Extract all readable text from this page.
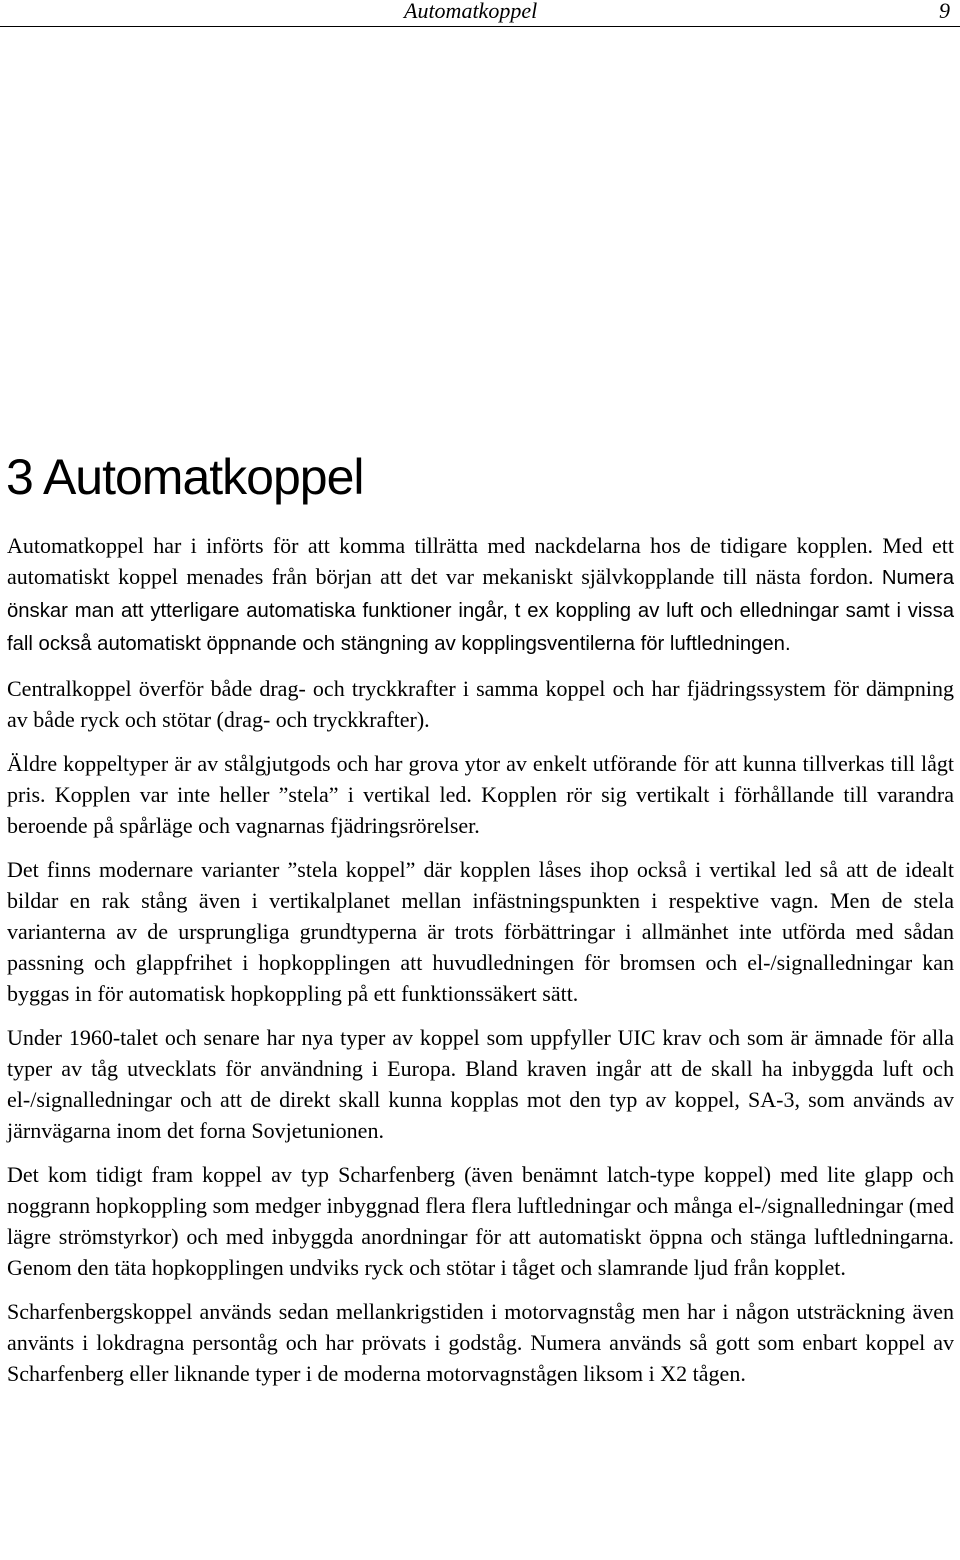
Automatkoppel	9
3 Automatkoppel

Automatkoppel har i införts för att komma tillrätta med nackdelarna hos de tidigare kopplen. Med ett automatiskt koppel menades från början att det var mekaniskt självkopplande till nästa fordon. Numera önskar man att ytterligare automatiska funktioner ingår, t ex koppling av luft och elledningar samt i vissa fall också automatiskt öppnande och stängning av kopplingsventilerna för luftledningen.

Centralkoppel överför både drag- och tryckkrafter i samma koppel och har fjädringssystem för dämpning av både ryck och stötar (drag- och tryckkrafter).

Äldre koppeltyper är av stålgjutgods och har grova ytor av enkelt utförande för att kunna tillverkas till lågt pris. Kopplen var inte heller ”stela” i vertikal led. Kopplen rör sig vertikalt i förhållande till varandra beroende på spårläge och vagnarnas fjädringsrörelser.

Det finns modernare varianter ”stela koppel” där kopplen låses ihop också i vertikal led så att de idealt bildar en rak stång även i vertikalplanet mellan infästningspunkten i respektive vagn. Men de stela varianterna av de ursprungliga grundtyperna är trots förbättringar i allmänhet inte utförda med sådan passning och glappfrihet i hopkopplingen att huvudledningen för bromsen och el-/signalledningar kan byggas in för automatisk hopkoppling på ett funktionssäkert sätt.

Under 1960-talet och senare har nya typer av koppel som uppfyller UIC krav och som är ämnade för alla typer av tåg utvecklats för användning i Europa. Bland kraven ingår att de skall ha inbyggda luft och el-/signalledningar och att de direkt skall kunna kopplas mot den typ av koppel, SA-3, som används av järnvägarna inom det forna Sovjetunionen.

Det kom tidigt fram koppel av typ Scharfenberg (även benämnt latch-type koppel) med lite glapp och noggrann hopkoppling som medger inbyggnad flera flera luftledningar och många el-/signalledningar (med lägre strömstyrkor) och med inbyggda anordningar för att automatiskt öppna och stänga luftledningarna. Genom den täta hopkopplingen undviks ryck och stötar i tåget och slamrande ljud från kopplet.

Scharfenbergskoppel används sedan mellankrigstiden i motorvagnståg men har i någon utsträckning även använts i lokdragna persontåg och har prövats i godståg. Numera används så gott som enbart koppel av Scharfenberg eller liknande typer i de moderna motorvagnstågen liksom i X2 tågen.
